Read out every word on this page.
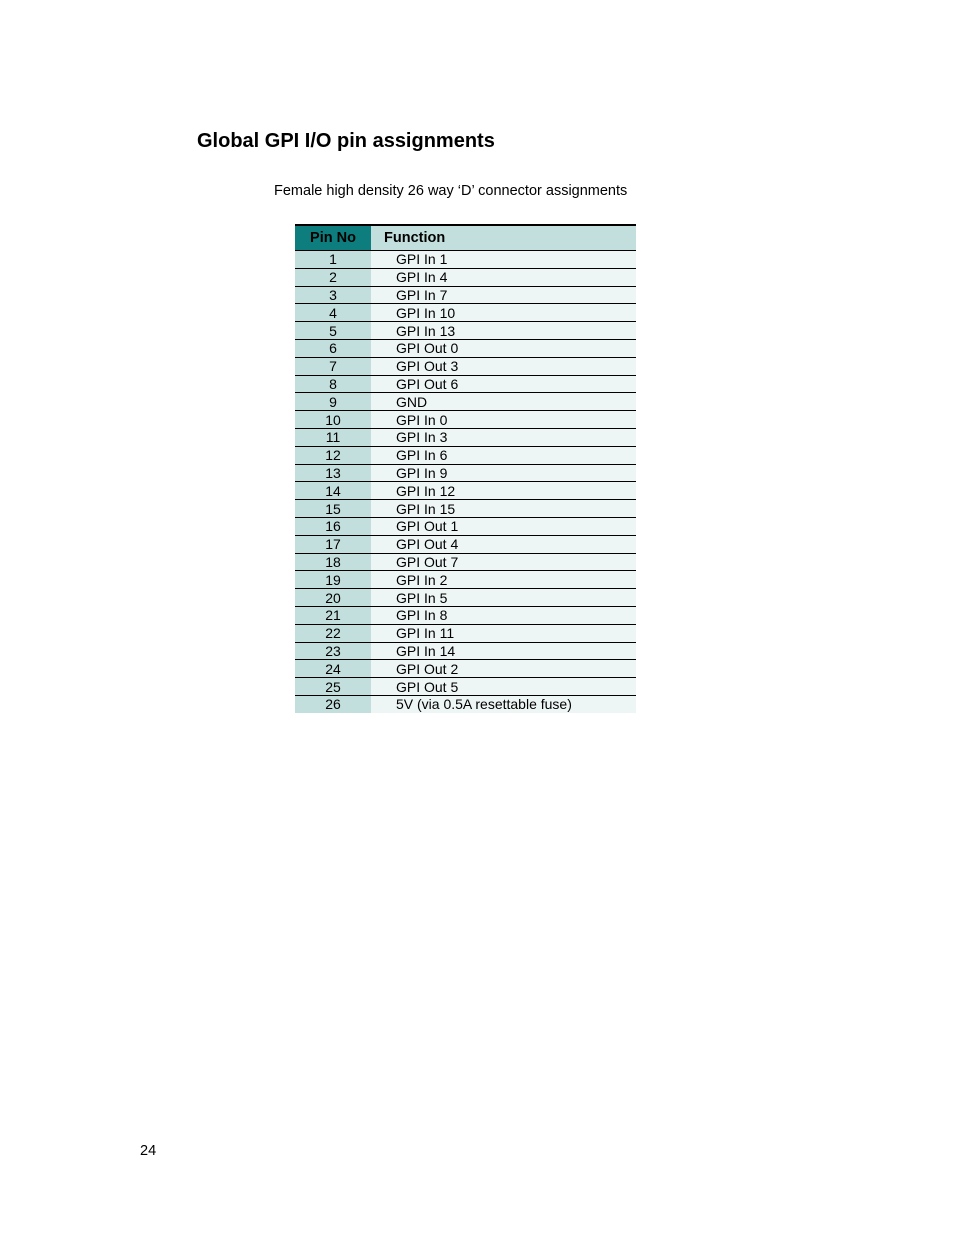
Global GPI I/O pin assignments

Female high density 26 way ‘D’ connector assignments

Pin No	Function
1	GPI In 1
2	GPI In 4
3	GPI In 7
4	GPI In 10
5	GPI In 13
6	GPI Out 0
7	GPI Out 3
8	GPI Out 6
9	GND
10	GPI In 0
11	GPI In 3
12	GPI In 6
13	GPI In 9
14	GPI In 12
15	GPI In 15
16	GPI Out 1
17	GPI Out 4
18	GPI Out 7
19	GPI In 2
20	GPI In 5
21	GPI In 8
22	GPI In 11
23	GPI In 14
24	GPI Out 2
25	GPI Out 5
26	5V (via 0.5A resettable fuse)

24
